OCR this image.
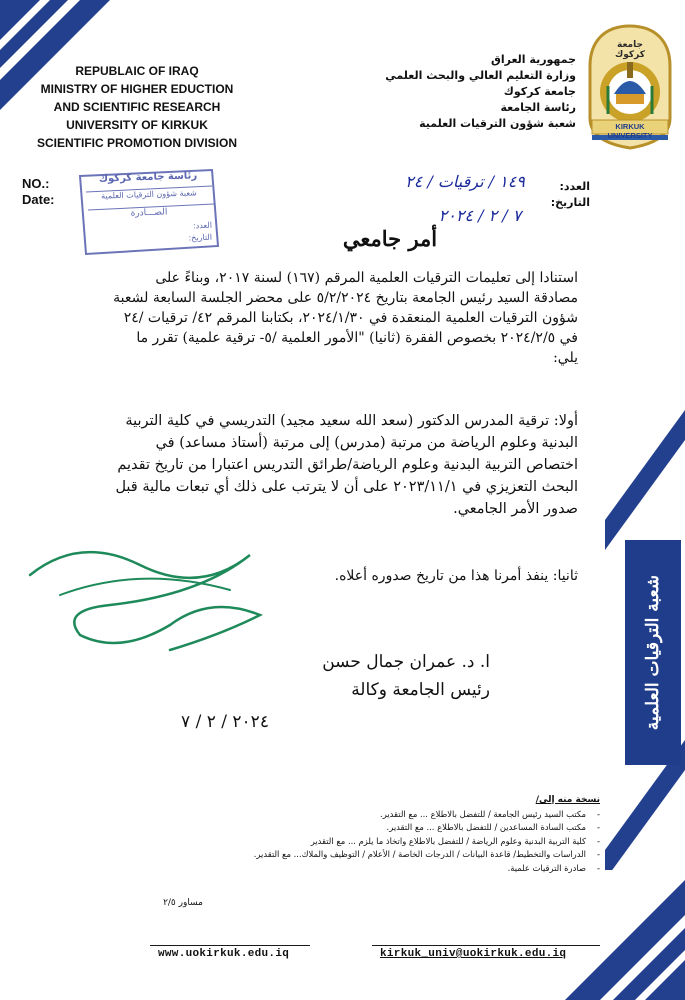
REPUBLAIC OF IRAQ
MINISTRY OF HIGHER EDUCTION
AND SCIENTIFIC RESEARCH
UNIVERSITY OF KIRKUK
SCIENTIFIC PROMOTION DIVISION
جمهورية العراق
وزارة التعليم العالي والبحث العلمي
جامعة كركوك
رئاسة الجامعة
شعبة شؤون الترقيات العلمية
جامعة كركوك
KIRKUK UNIVERSITY
NO.:
Date:
العدد:
التاريخ:
١٤٩ / ترقيات / ٢٤
٧ / ٢ / ٢٠٢٤
رئاسة جامعة كركوك
شعبة شؤون الترقيات العلمية
الصـــادرة
العدد:
التاريخ:	أمر جامعي
استنادا إلى تعليمات الترقيات العلمية المرقم (١٦٧) لسنة ٢٠١٧، وبناءً على مصادقة السيد رئيس الجامعة بتاريخ ٥/٢/٢٠٢٤ على محضر الجلسة السابعة لشعبة شؤون الترقيات العلمية المنعقدة في ٢٠٢٤/١/٣٠، بكتابنا المرقم ٤٢/ ترقيات /٢٤ في ٢٠٢٤/٢/٥ بخصوص الفقرة (ثانيا) "الأمور العلمية /٥- ترقية علمية) تقرر ما يلي:
أولا: ترقية المدرس الدكتور (سعد الله سعيد مجيد) التدريسي في كلية التربية البدنية وعلوم الرياضة من مرتبة (مدرس) إلى مرتبة (أستاذ مساعد) في اختصاص التربية البدنية وعلوم الرياضة/طرائق التدريس اعتبارا من تاريخ تقديم البحث التعزيزي في ٢٠٢٣/١١/١ على أن لا يترتب على ذلك أي تبعات مالية قبل صدور الأمر الجامعي.
ثانيا: ينفذ أمرنا هذا من تاريخ صدوره أعلاه.	شعبة الترقيات العلمية
ا. د. عمران جمال حسن
رئيس الجامعة وكالة
٢٠٢٤ / ٢ / ٧
نسخة منه إلى/
- مكتب السيد رئيس الجامعة / للتفضل بالاطلاع ... مع التقدير.
- مكتب السادة المساعدين / للتفضل بالاطلاع ... مع التقدير.
- كلية التربية البدنية وعلوم الرياضة / للتفضل بالاطلاع واتخاذ ما يلزم ... مع التقدير
- الدراسات والتخطيط/ قاعدة البيانات / الدرجات الخاصة / الأعلام / التوظيف والملاك... مع التقدير.
- صادرة الترقيات علمية.
مساور ٢/٥
www.uokirkuk.edu.iq	kirkuk_univ@uokirkuk.edu.iq
